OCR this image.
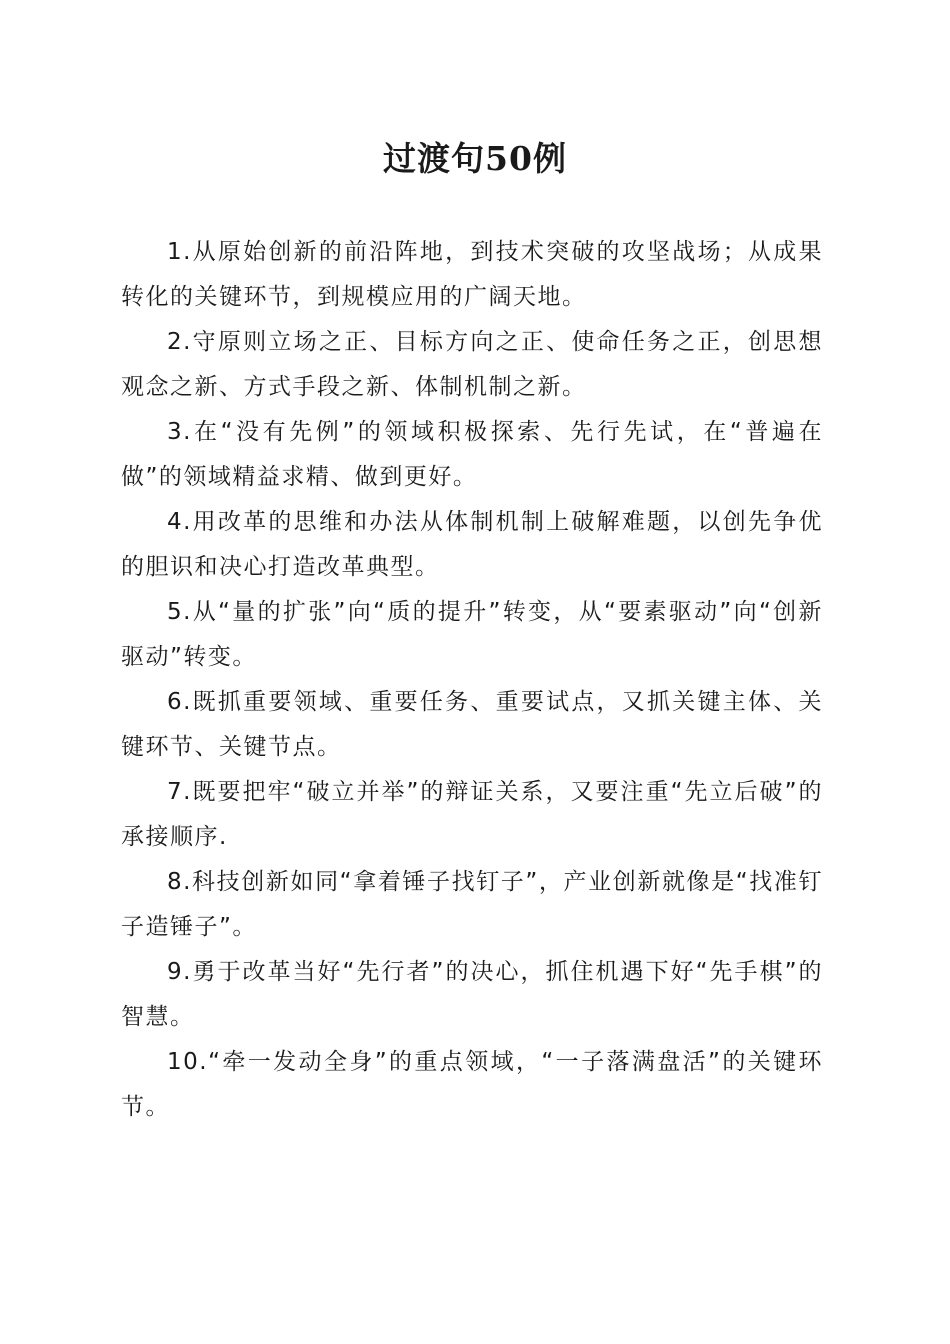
过渡句50例

1.从原始创新的前沿阵地，到技术突破的攻坚战场；从成果转化的关键环节，到规模应用的广阔天地。

2.守原则立场之正、目标方向之正、使命任务之正，创思想观念之新、方式手段之新、体制机制之新。

3.在“没有先例”的领域积极探索、先行先试，在“普遍在做”的领域精益求精、做到更好。

4.用改革的思维和办法从体制机制上破解难题，以创先争优的胆识和决心打造改革典型。

5.从“量的扩张”向“质的提升”转变，从“要素驱动”向“创新驱动”转变。

6.既抓重要领域、重要任务、重要试点，又抓关键主体、关键环节、关键节点。

7.既要把牢“破立并举”的辩证关系，又要注重“先立后破”的承接顺序.

8.科技创新如同“拿着锤子找钉子”，产业创新就像是“找准钉子造锤子”。

9.勇于改革当好“先行者”的决心，抓住机遇下好“先手棋”的智慧。

10.“牵一发动全身”的重点领域，“一子落满盘活”的关键环节。
